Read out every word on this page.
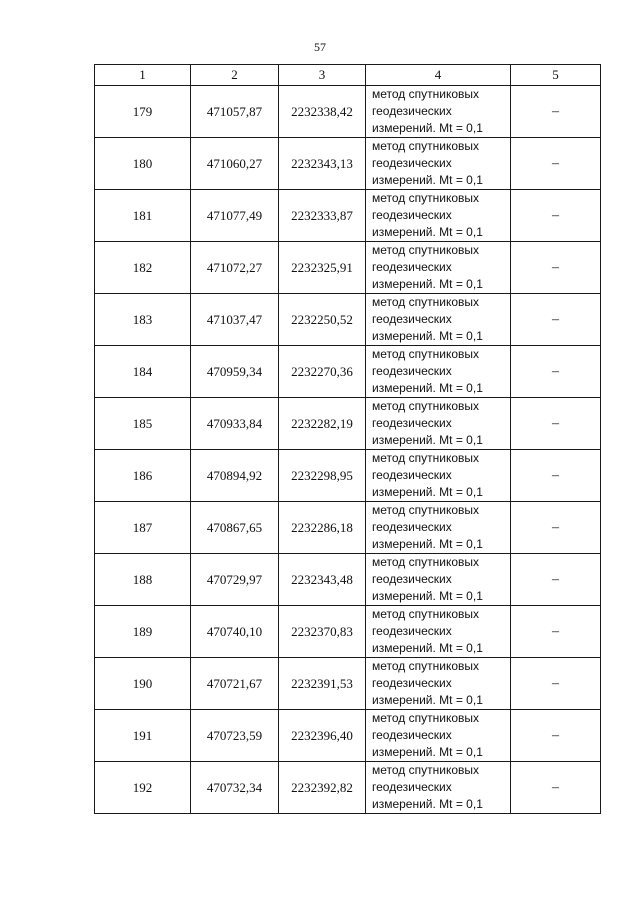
57
1	2	3	4	5
179	471057,87	2232338,42	метод спутниковых
геодезических
измерений. Mt = 0,1	–
180	471060,27	2232343,13	метод спутниковых
геодезических
измерений. Mt = 0,1	–
181	471077,49	2232333,87	метод спутниковых
геодезических
измерений. Mt = 0,1	–
182	471072,27	2232325,91	метод спутниковых
геодезических
измерений. Mt = 0,1	–
183	471037,47	2232250,52	метод спутниковых
геодезических
измерений. Mt = 0,1	–
184	470959,34	2232270,36	метод спутниковых
геодезических
измерений. Mt = 0,1	–
185	470933,84	2232282,19	метод спутниковых
геодезических
измерений. Mt = 0,1	–
186	470894,92	2232298,95	метод спутниковых
геодезических
измерений. Mt = 0,1	–
187	470867,65	2232286,18	метод спутниковых
геодезических
измерений. Mt = 0,1	–
188	470729,97	2232343,48	метод спутниковых
геодезических
измерений. Mt = 0,1	–
189	470740,10	2232370,83	метод спутниковых
геодезических
измерений. Mt = 0,1	–
190	470721,67	2232391,53	метод спутниковых
геодезических
измерений. Mt = 0,1	–
191	470723,59	2232396,40	метод спутниковых
геодезических
измерений. Mt = 0,1	–
192	470732,34	2232392,82	метод спутниковых
геодезических
измерений. Mt = 0,1	–
